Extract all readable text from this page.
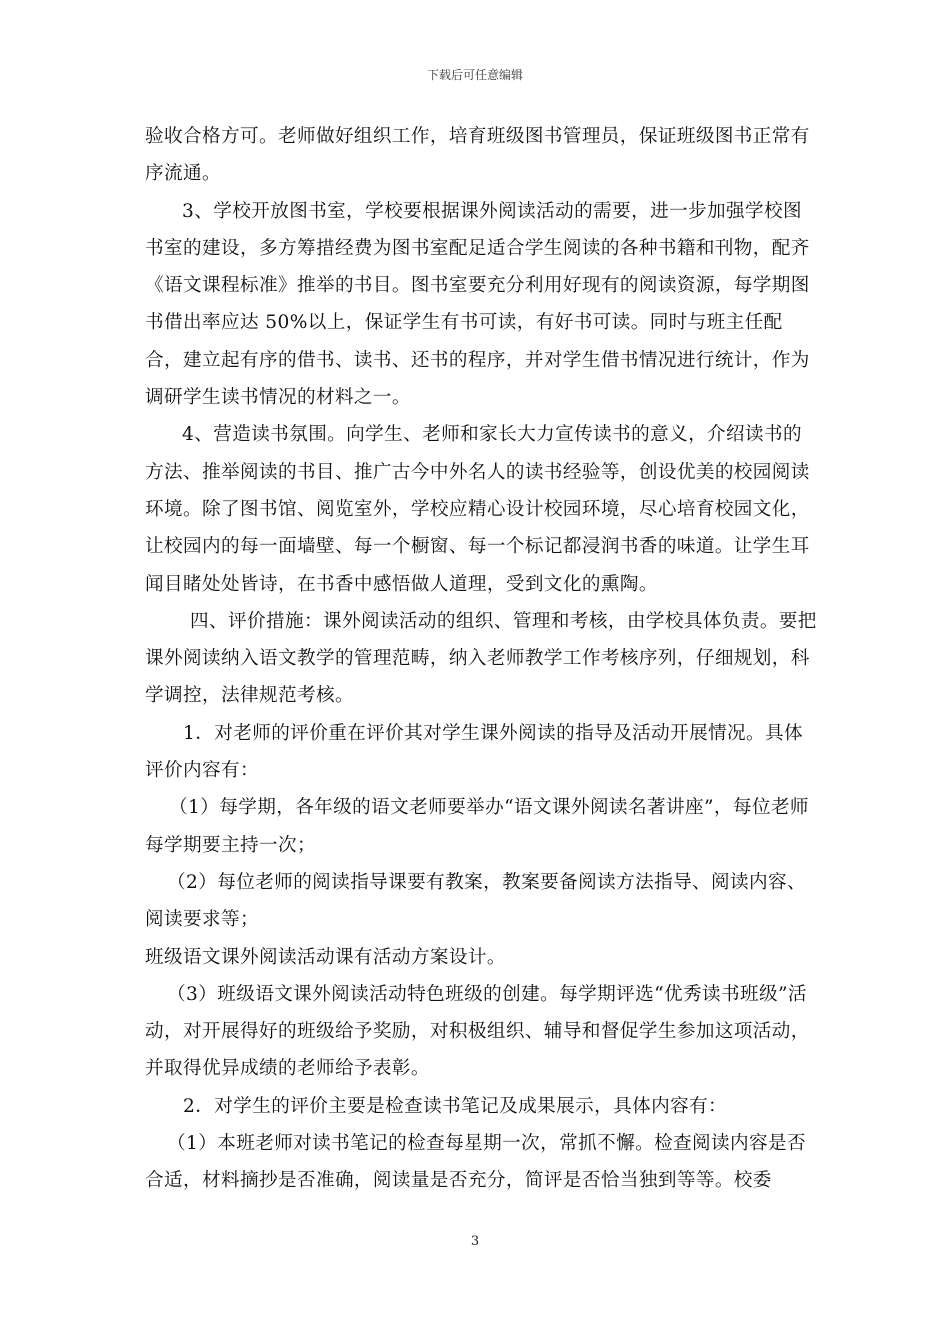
下载后可任意编辑

验收合格方可。老师做好组织工作，培育班级图书管理员，保证班级图书正常有序流通。

3、学校开放图书室，学校要根据课外阅读活动的需要，进一步加强学校图书室的建设，多方筹措经费为图书室配足适合学生阅读的各种书籍和刊物，配齐《语文课程标准》推举的书目。图书室要充分利用好现有的阅读资源，每学期图书借出率应达 50%以上，保证学生有书可读，有好书可读。同时与班主任配合，建立起有序的借书、读书、还书的程序，并对学生借书情况进行统计，作为调研学生读书情况的材料之一。

4、营造读书氛围。向学生、老师和家长大力宣传读书的意义，介绍读书的方法、推举阅读的书目、推广古今中外名人的读书经验等，创设优美的校园阅读环境。除了图书馆、阅览室外，学校应精心设计校园环境，尽心培育校园文化，让校园内的每一面墙壁、每一个橱窗、每一个标记都浸润书香的味道。让学生耳闻目睹处处皆诗，在书香中感悟做人道理，受到文化的熏陶。

四、评价措施：课外阅读活动的组织、管理和考核，由学校具体负责。要把课外阅读纳入语文教学的管理范畴，纳入老师教学工作考核序列，仔细规划，科学调控，法律规范考核。

1．对老师的评价重在评价其对学生课外阅读的指导及活动开展情况。具体评价内容有：

（1）每学期，各年级的语文老师要举办“语文课外阅读名著讲座”，每位老师每学期要主持一次；

（2）每位老师的阅读指导课要有教案，教案要备阅读方法指导、阅读内容、阅读要求等；

班级语文课外阅读活动课有活动方案设计。

（3）班级语文课外阅读活动特色班级的创建。每学期评选“优秀读书班级”活动，对开展得好的班级给予奖励，对积极组织、辅导和督促学生参加这项活动，并取得优异成绩的老师给予表彰。

2．对学生的评价主要是检查读书笔记及成果展示，具体内容有：

（1）本班老师对读书笔记的检查每星期一次，常抓不懈。检查阅读内容是否合适，材料摘抄是否准确，阅读量是否充分，简评是否恰当独到等等。校委

3
